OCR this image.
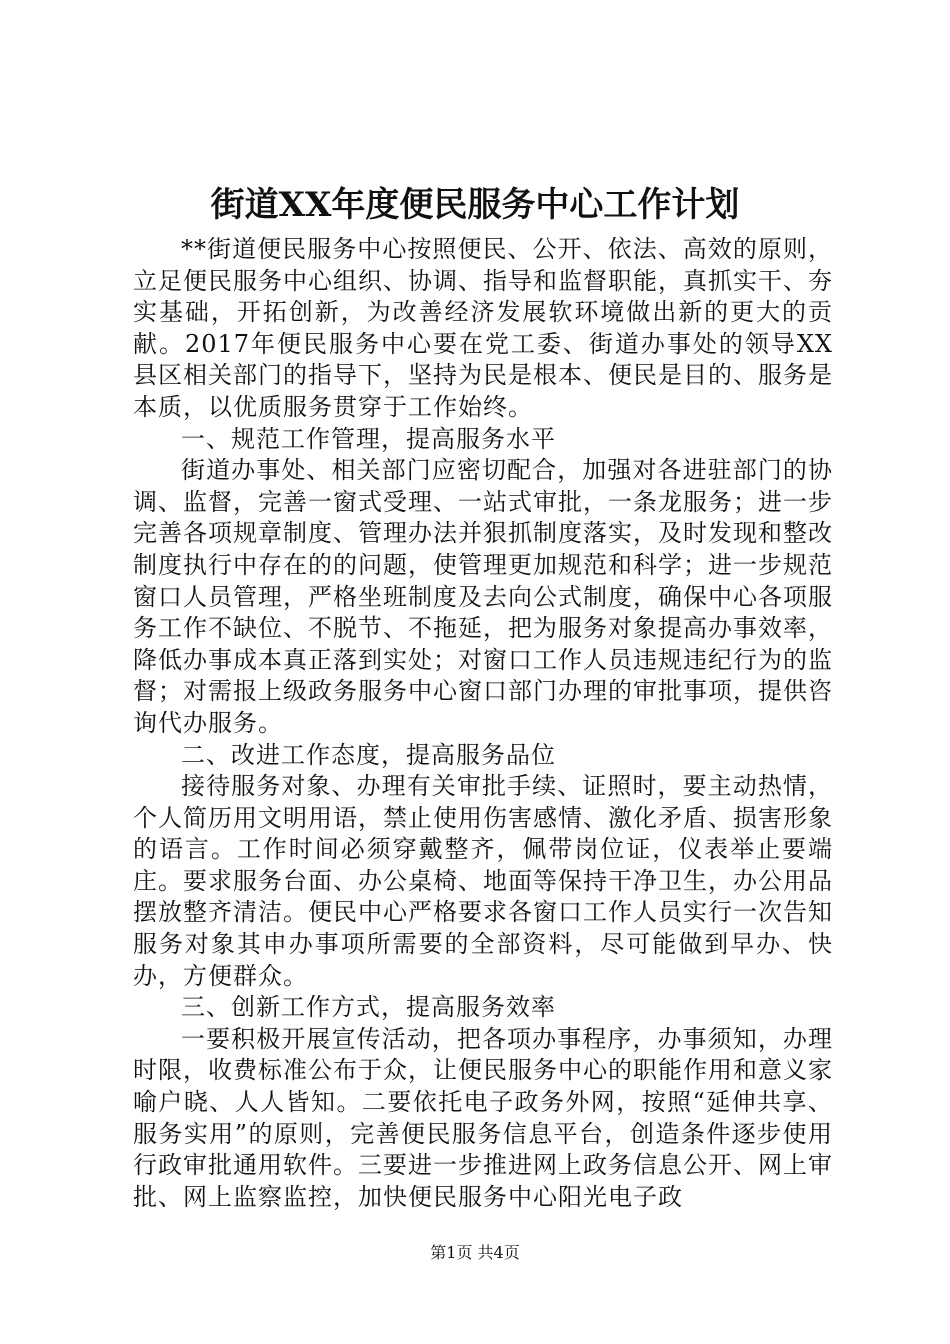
街道XX年度便民服务中心工作计划

**街道便民服务中心按照便民、公开、依法、高效的原则，立足便民服务中心组织、协调、指导和监督职能，真抓实干、夯实基础，开拓创新，为改善经济发展软环境做出新的更大的贡献。2017年便民服务中心要在党工委、街道办事处的领导XX县区相关部门的指导下，坚持为民是根本、便民是目的、服务是本质，以优质服务贯穿于工作始终。

一、规范工作管理，提高服务水平

街道办事处、相关部门应密切配合，加强对各进驻部门的协调、监督，完善一窗式受理、一站式审批，一条龙服务；进一步完善各项规章制度、管理办法并狠抓制度落实，及时发现和整改制度执行中存在的的问题，使管理更加规范和科学；进一步规范窗口人员管理，严格坐班制度及去向公式制度，确保中心各项服务工作不缺位、不脱节、不拖延，把为服务对象提高办事效率，降低办事成本真正落到实处；对窗口工作人员违规违纪行为的监督；对需报上级政务服务中心窗口部门办理的审批事项，提供咨询代办服务。

二、改进工作态度，提高服务品位

接待服务对象、办理有关审批手续、证照时，要主动热情，个人简历用文明用语，禁止使用伤害感情、激化矛盾、损害形象的语言。工作时间必须穿戴整齐，佩带岗位证，仪表举止要端庄。要求服务台面、办公桌椅、地面等保持干净卫生，办公用品摆放整齐清洁。便民中心严格要求各窗口工作人员实行一次告知服务对象其申办事项所需要的全部资料，尽可能做到早办、快办，方便群众。

三、创新工作方式，提高服务效率

一要积极开展宣传活动，把各项办事程序，办事须知，办理时限，收费标准公布于众，让便民服务中心的职能作用和意义家喻户晓、人人皆知。二要依托电子政务外网，按照“延伸共享、服务实用”的原则，完善便民服务信息平台，创造条件逐步使用行政审批通用软件。三要进一步推进网上政务信息公开、网上审批、网上监察监控，加快便民服务中心阳光电子政

第1页 共4页
